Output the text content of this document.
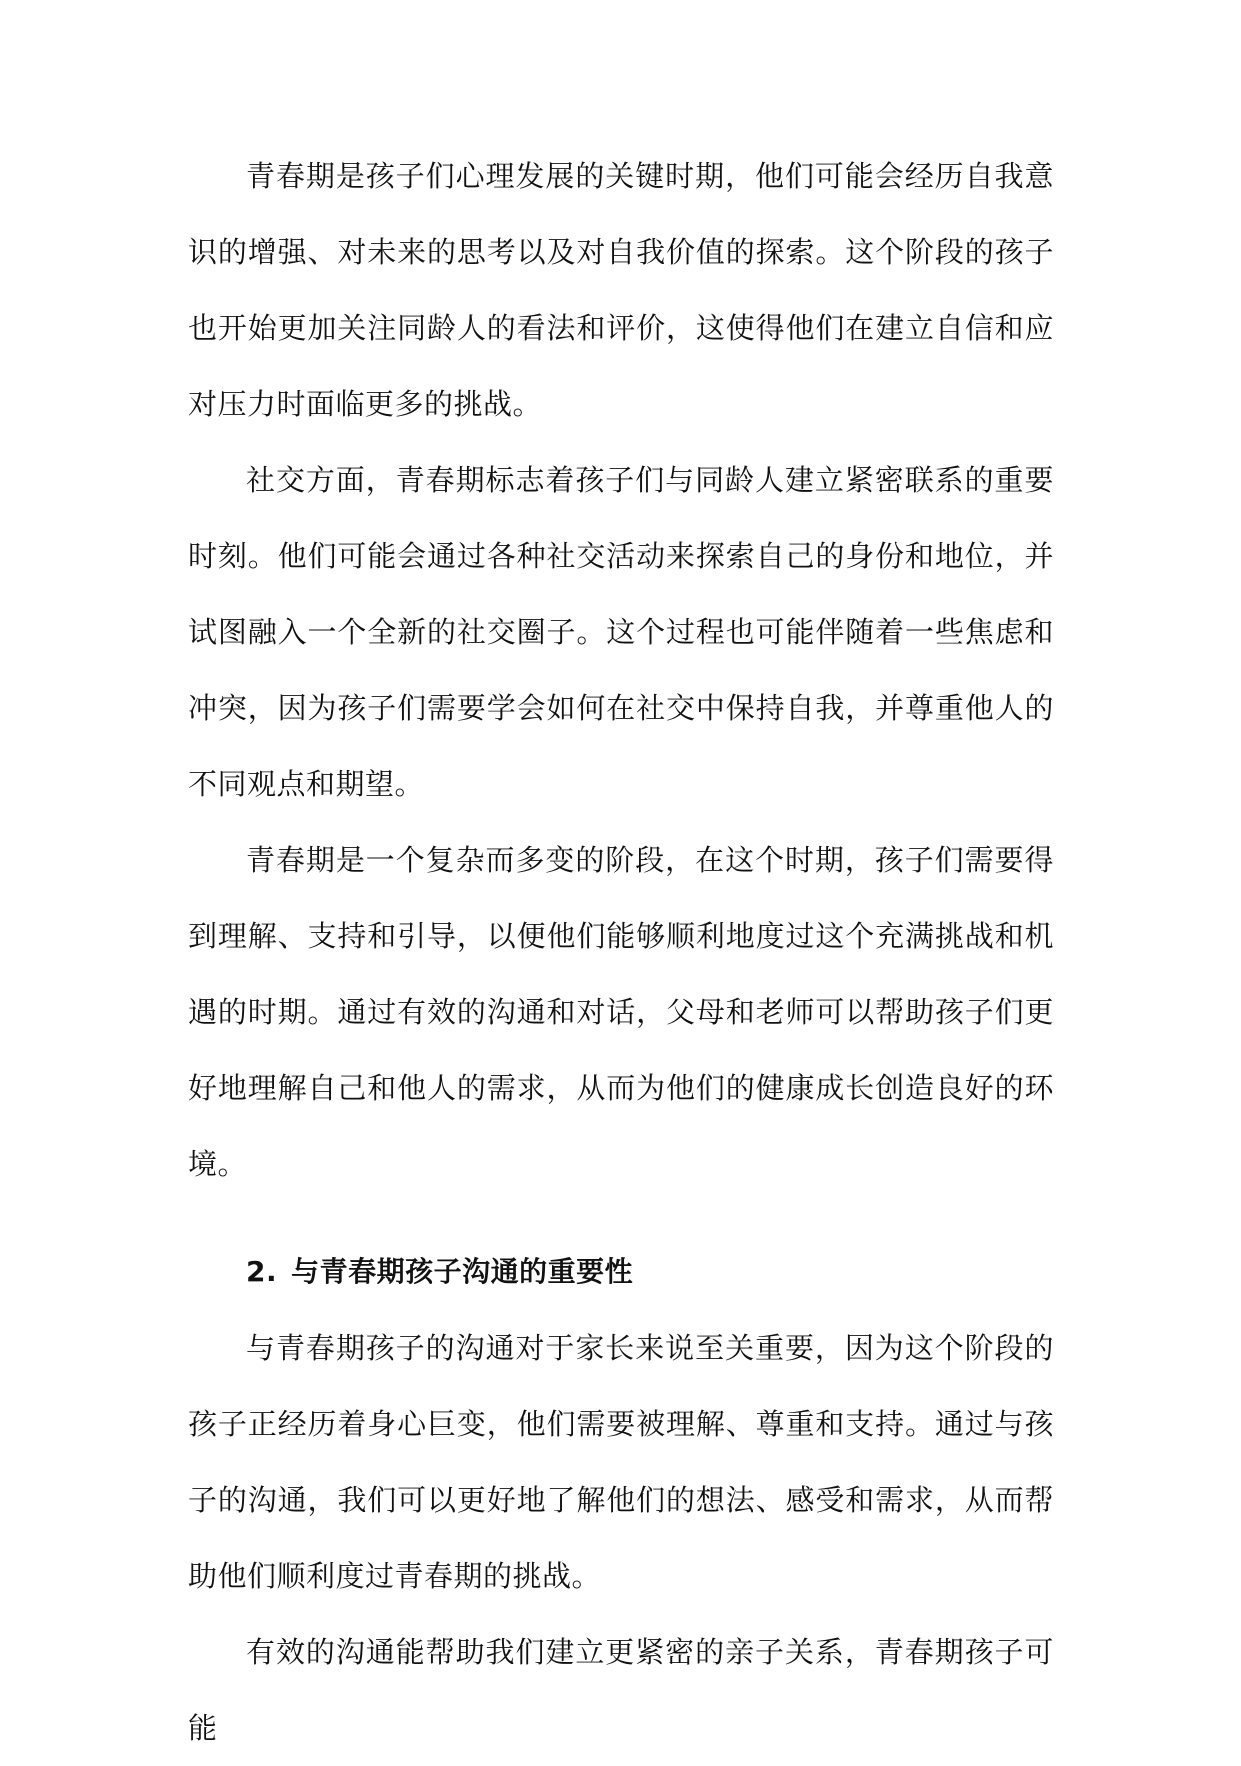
青春期是孩子们心理发展的关键时期，他们可能会经历自我意识的增强、对未来的思考以及对自我价值的探索。这个阶段的孩子也开始更加关注同龄人的看法和评价，这使得他们在建立自信和应对压力时面临更多的挑战。

社交方面，青春期标志着孩子们与同龄人建立紧密联系的重要时刻。他们可能会通过各种社交活动来探索自己的身份和地位，并试图融入一个全新的社交圈子。这个过程也可能伴随着一些焦虑和冲突，因为孩子们需要学会如何在社交中保持自我，并尊重他人的不同观点和期望。

青春期是一个复杂而多变的阶段，在这个时期，孩子们需要得到理解、支持和引导，以便他们能够顺利地度过这个充满挑战和机遇的时期。通过有效的沟通和对话，父母和老师可以帮助孩子们更好地理解自己和他人的需求，从而为他们的健康成长创造良好的环境。

2. 与青春期孩子沟通的重要性

与青春期孩子的沟通对于家长来说至关重要，因为这个阶段的孩子正经历着身心巨变，他们需要被理解、尊重和支持。通过与孩子的沟通，我们可以更好地了解他们的想法、感受和需求，从而帮助他们顺利度过青春期的挑战。

有效的沟通能帮助我们建立更紧密的亲子关系，青春期孩子可能
